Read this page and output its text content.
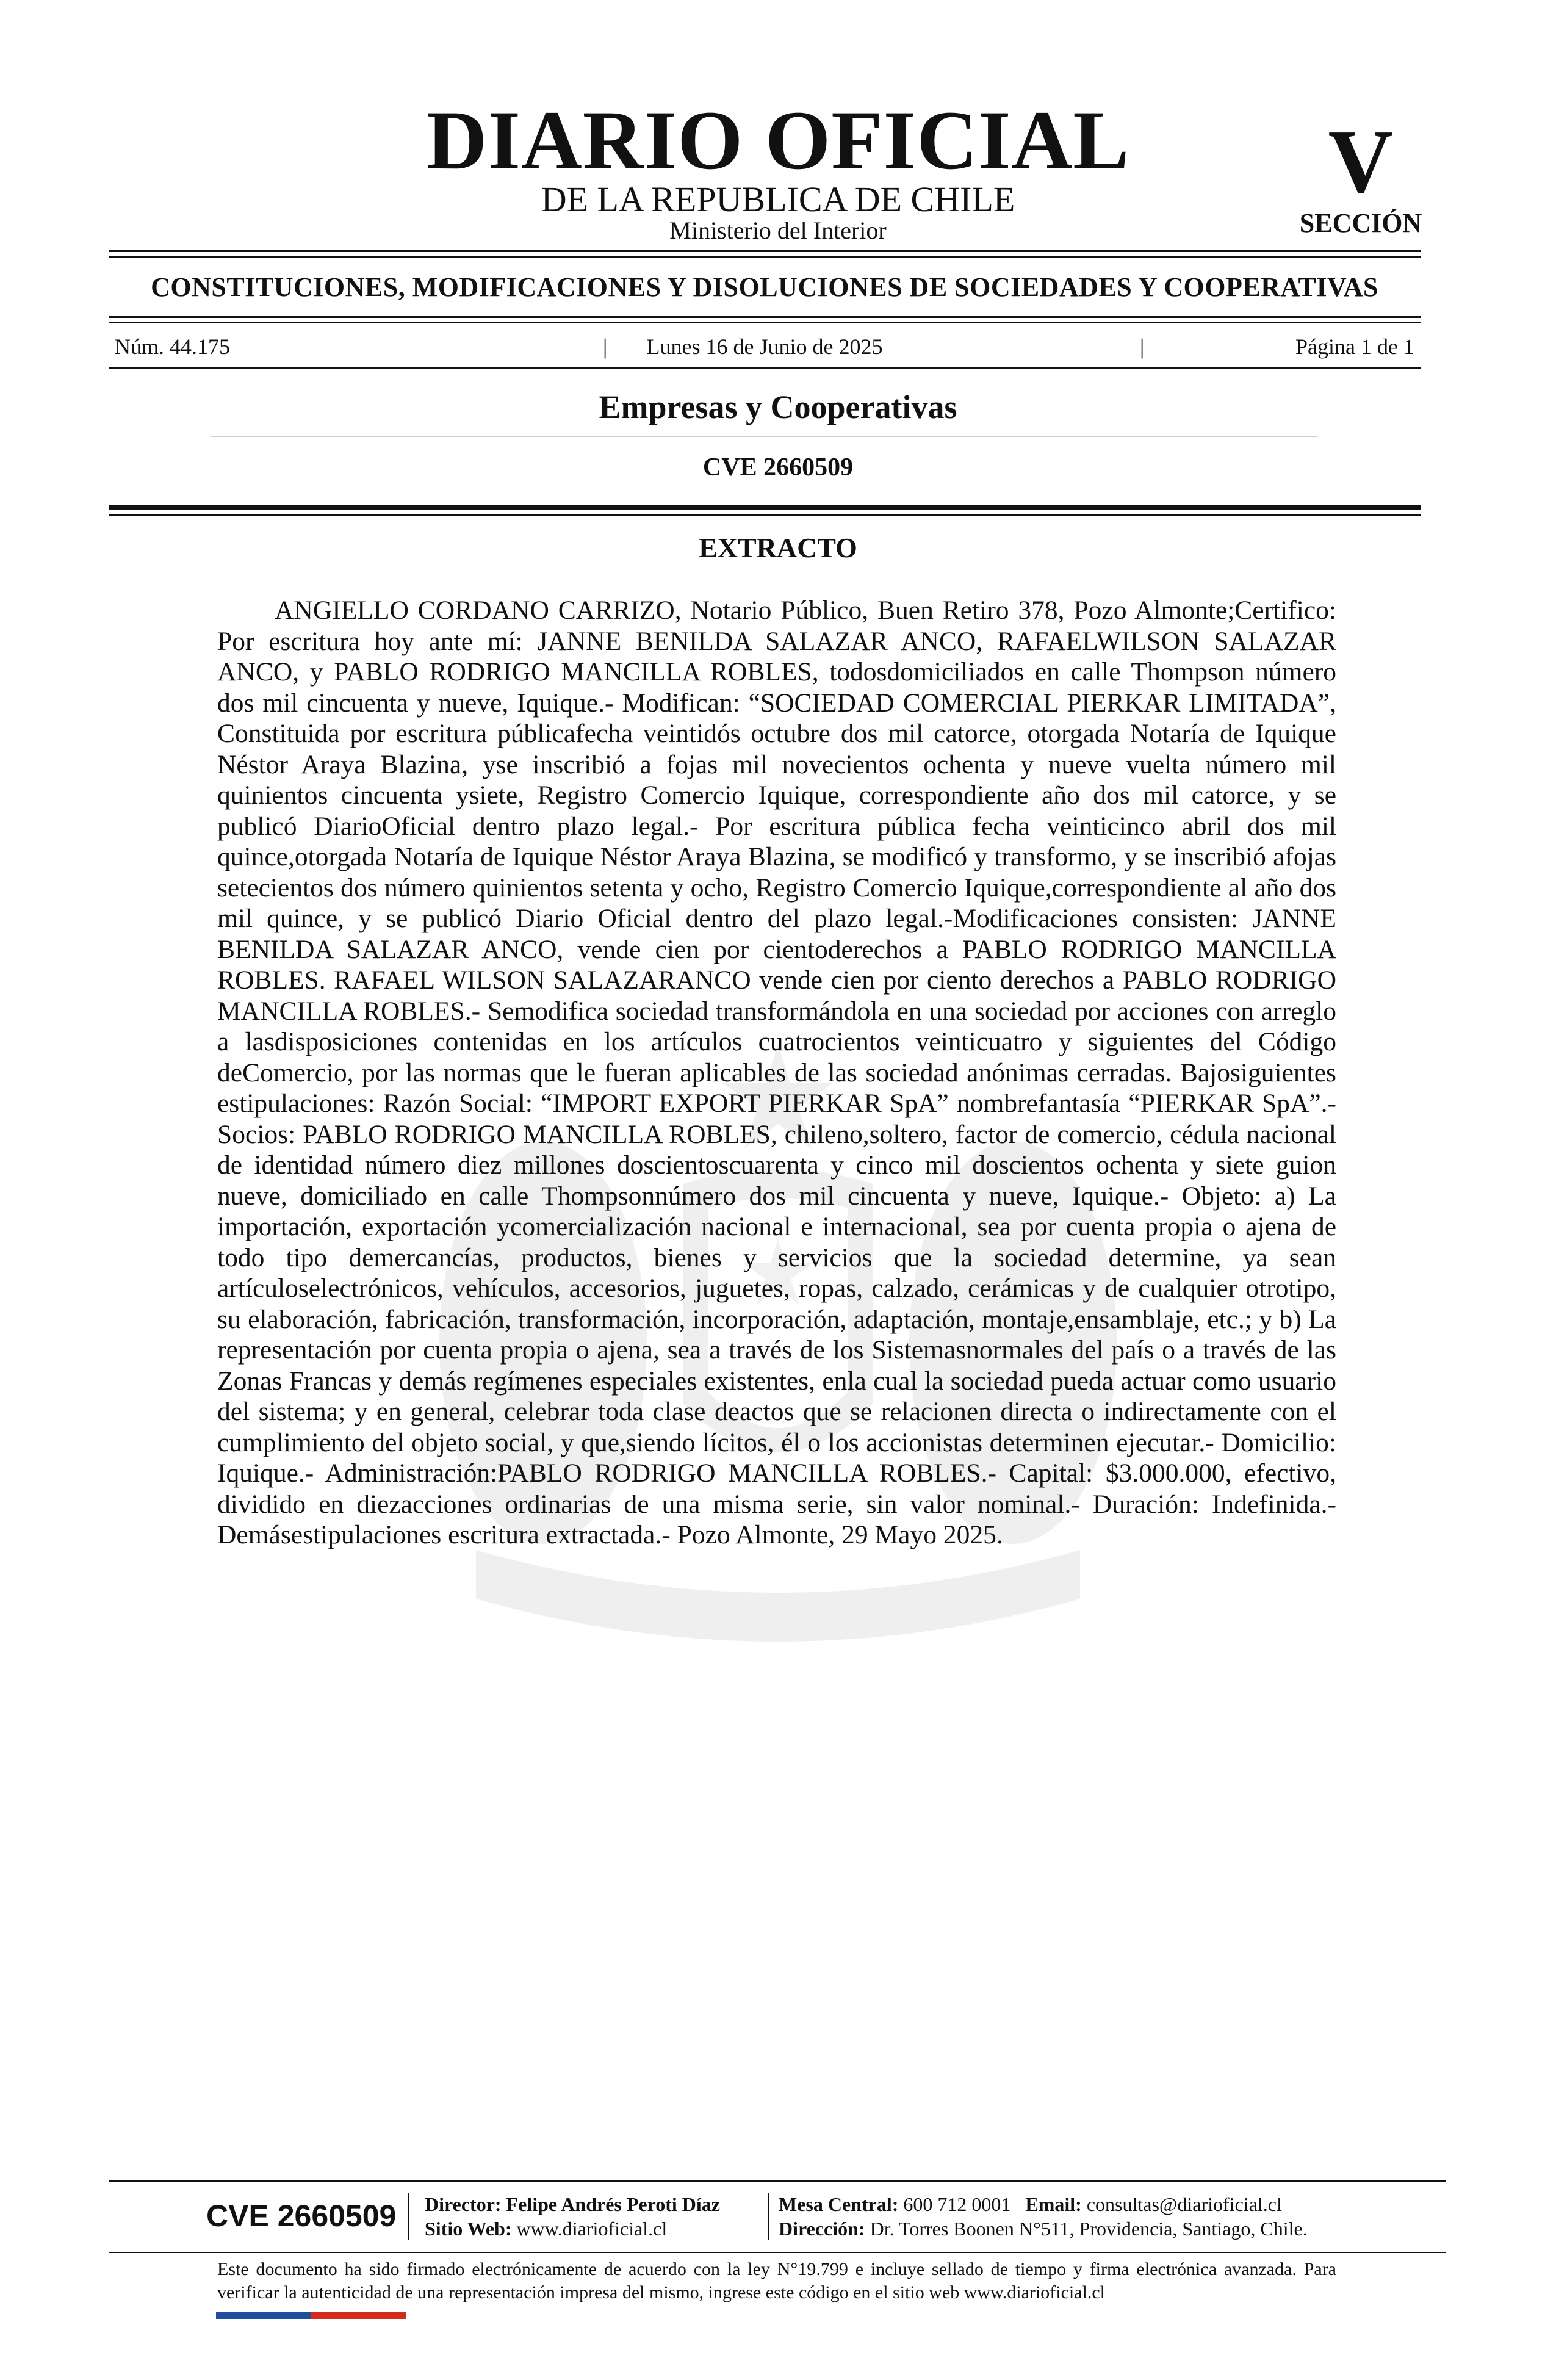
DIARIO OFICIAL
DE LA REPUBLICA DE CHILE
Ministerio del Interior
V
SECCIÓN
CONSTITUCIONES, MODIFICACIONES Y DISOLUCIONES DE SOCIEDADES Y COOPERATIVAS
Núm. 44.175	|	Lunes 16 de Junio de 2025	|	Página 1 de 1
Empresas y Cooperativas
CVE 2660509
EXTRACTO

ANGIELLO CORDANO CARRIZO, Notario Público, Buen Retiro 378, Pozo Almonte;Certifico: Por escritura hoy ante mí: JANNE BENILDA SALAZAR ANCO, RAFAELWILSON SALAZAR ANCO, y PABLO RODRIGO MANCILLA ROBLES, todosdomiciliados en calle Thompson número dos mil cincuenta y nueve, Iquique.- Modifican: “SOCIEDAD COMERCIAL PIERKAR LIMITADA”, Constituida por escritura públicafecha veintidós octubre dos mil catorce, otorgada Notaría de Iquique Néstor Araya Blazina, yse inscribió a fojas mil novecientos ochenta y nueve vuelta número mil quinientos cincuenta ysiete, Registro Comercio Iquique, correspondiente año dos mil catorce, y se publicó DiarioOficial dentro plazo legal.- Por escritura pública fecha veinticinco abril dos mil quince,otorgada Notaría de Iquique Néstor Araya Blazina, se modificó y transformo, y se inscribió afojas setecientos dos número quinientos setenta y ocho, Registro Comercio Iquique,correspondiente al año dos mil quince, y se publicó Diario Oficial dentro del plazo legal.-Modificaciones consisten: JANNE BENILDA SALAZAR ANCO, vende cien por cientoderechos a PABLO RODRIGO MANCILLA ROBLES. RAFAEL WILSON SALAZARANCO vende cien por ciento derechos a PABLO RODRIGO MANCILLA ROBLES.- Semodifica sociedad transformándola en una sociedad por acciones con arreglo a lasdisposiciones contenidas en los artículos cuatrocientos veinticuatro y siguientes del Código deComercio, por las normas que le fueran aplicables de las sociedad anónimas cerradas. Bajosiguientes estipulaciones: Razón Social: “IMPORT EXPORT PIERKAR SpA” nombrefantasía “PIERKAR SpA”.- Socios: PABLO RODRIGO MANCILLA ROBLES, chileno,soltero, factor de comercio, cédula nacional de identidad número diez millones doscientoscuarenta y cinco mil doscientos ochenta y siete guion nueve, domiciliado en calle Thompsonnúmero dos mil cincuenta y nueve, Iquique.- Objeto: a) La importación, exportación ycomercialización nacional e internacional, sea por cuenta propia o ajena de todo tipo demercancías, productos, bienes y servicios que la sociedad determine, ya sean artículoselectrónicos, vehículos, accesorios, juguetes, ropas, calzado, cerámicas y de cualquier otrotipo, su elaboración, fabricación, transformación, incorporación, adaptación, montaje,ensamblaje, etc.; y b) La representación por cuenta propia o ajena, sea a través de los Sistemasnormales del país o a través de las Zonas Francas y demás regímenes especiales existentes, enla cual la sociedad pueda actuar como usuario del sistema; y en general, celebrar toda clase deactos que se relacionen directa o indirectamente con el cumplimiento del objeto social, y que,siendo lícitos, él o los accionistas determinen ejecutar.- Domicilio: Iquique.- Administración:PABLO RODRIGO MANCILLA ROBLES.- Capital: $3.000.000, efectivo, dividido en diezacciones ordinarias de una misma serie, sin valor nominal.- Duración: Indefinida.- Demásestipulaciones escritura extractada.- Pozo Almonte, 29 Mayo 2025.

CVE 2660509 Director: Felipe Andrés Peroti Díaz
Sitio Web: www.diarioficial.cl
Mesa Central: 600 712 0001 Email: consultas@diarioficial.cl
Dirección: Dr. Torres Boonen N°511, Providencia, Santiago, Chile.

Este documento ha sido firmado electrónicamente de acuerdo con la ley N°19.799 e incluye sellado de tiempo y firma electrónica avanzada. Para verificar la autenticidad de una representación impresa del mismo, ingrese este código en el sitio web www.diarioficial.cl
